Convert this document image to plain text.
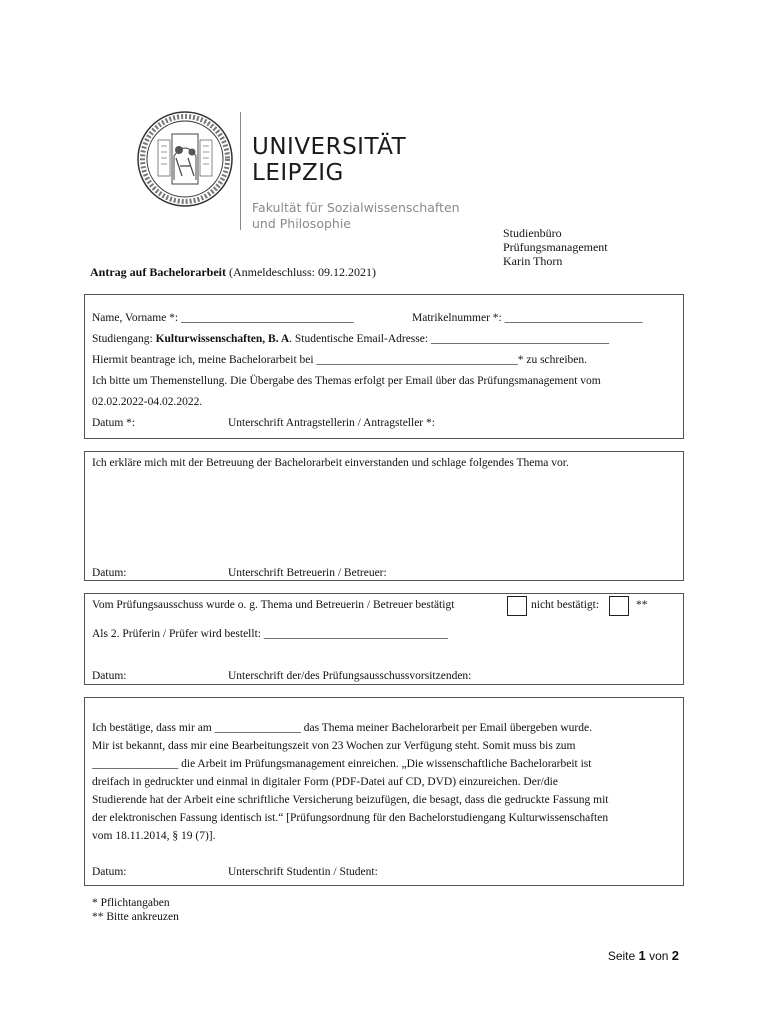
UNIVERSITÄT
LEIPZIG
Fakultät für Sozialwissenschaften
und Philosophie
Studienbüro
Prüfungsmanagement
Karin Thorn
Antrag auf Bachelorarbeit (Anmeldeschluss: 09.12.2021)
Name, Vorname *: ______________________________	Matrikelnummer *: ________________________
Studiengang: Kulturwissenschaften, B. A. Studentische Email-Adresse: _______________________________
Hiermit beantrage ich, meine Bachelorarbeit bei ___________________________________* zu schreiben.
Ich bitte um Themenstellung. Die Übergabe des Themas erfolgt per Email über das Prüfungsmanagement vom
02.02.2022-04.02.2022.
Datum *:	Unterschrift Antragstellerin / Antragsteller *:
Ich erkläre mich mit der Betreuung der Bachelorarbeit einverstanden und schlage folgendes Thema vor.
Datum:	Unterschrift Betreuerin / Betreuer:
Vom Prüfungsausschuss wurde o. g. Thema und Betreuerin / Betreuer bestätigt	nicht bestätigt:	**
Als 2. Prüferin / Prüfer wird bestellt: ________________________________
Datum:	Unterschrift der/des Prüfungsausschussvorsitzenden:
Ich bestätige, dass mir am _______________ das Thema meiner Bachelorarbeit per Email übergeben wurde.
Mir ist bekannt, dass mir eine Bearbeitungszeit von 23 Wochen zur Verfügung steht. Somit muss bis zum
_______________ die Arbeit im Prüfungsmanagement einreichen. „Die wissenschaftliche Bachelorarbeit ist
dreifach in gedruckter und einmal in digitaler Form (PDF-Datei auf CD, DVD) einzureichen. Der/die
Studierende hat der Arbeit eine schriftliche Versicherung beizufügen, die besagt, dass die gedruckte Fassung mit
der elektronischen Fassung identisch ist.“ [Prüfungsordnung für den Bachelorstudiengang Kulturwissenschaften
vom 18.11.2014, § 19 (7)].
Datum:	Unterschrift Studentin / Student:
* Pflichtangaben
** Bitte ankreuzen
Seite 1 von 2
